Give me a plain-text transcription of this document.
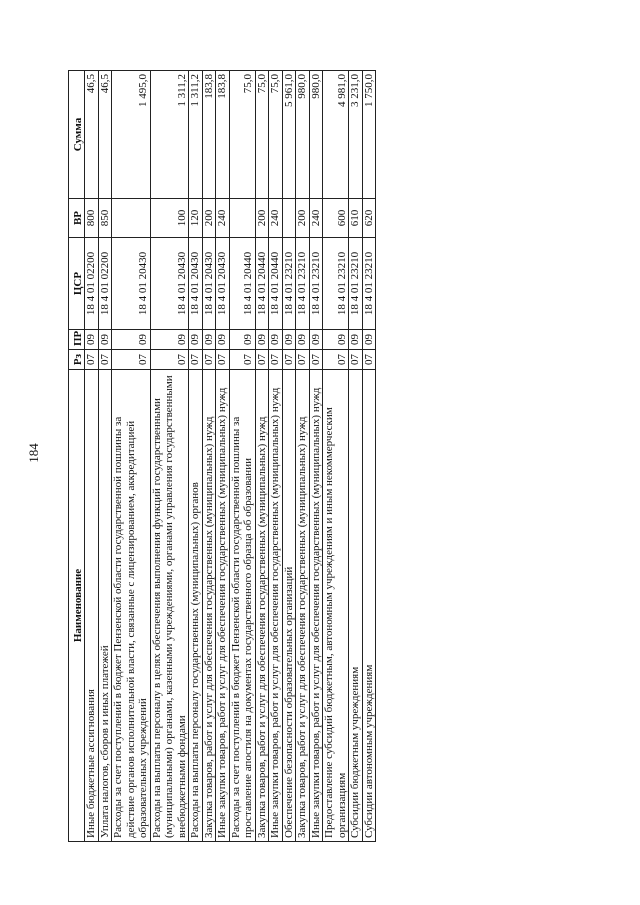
184
Наименование	Рз	ПР	ЦСР	ВР	Сумма
Иные бюджетные ассигнования	07	09	18 4 01 02200	800	46,5
Уплата налогов, сборов и иных платежей	07	09	18 4 01 02200	850	46,5
Расходы за счет поступлений в бюджет Пензенской области государственной пошлины за действие органов исполнительной власти, связанные с лицензированием, аккредитацией образовательных учреждений	07	09	18 4 01 20430		1 495,0
Расходы на выплаты персоналу в целях обеспечения выполнения функций государственными (муниципальными) органами, казенными учреждениями, органами управления государственными внебюджетными фондами	07	09	18 4 01 20430	100	1 311,2
Расходы на выплаты персоналу государственных (муниципальных) органов	07	09	18 4 01 20430	120	1 311,2
Закупка товаров, работ и услуг для обеспечения государственных (муниципальных) нужд	07	09	18 4 01 20430	200	183,8
Иные закупки товаров, работ и услуг для обеспечения государственных (муниципальных) нужд	07	09	18 4 01 20430	240	183,8
Расходы за счет поступлений в бюджет Пензенской области государственной пошлины за проставление апостиля на документах государственного образца об образовании	07	09	18 4 01 20440		75,0
Закупка товаров, работ и услуг для обеспечения государственных (муниципальных) нужд	07	09	18 4 01 20440	200	75,0
Иные закупки товаров, работ и услуг для обеспечения государственных (муниципальных) нужд	07	09	18 4 01 20440	240	75,0
Обеспечение безопасности образовательных организаций	07	09	18 4 01 23210		5 961,0
Закупка товаров, работ и услуг для обеспечения государственных (муниципальных) нужд	07	09	18 4 01 23210	200	980,0
Иные закупки товаров, работ и услуг для обеспечения государственных (муниципальных) нужд	07	09	18 4 01 23210	240	980,0
Предоставление субсидий бюджетным, автономным учреждениям и иным некоммерческим организациям	07	09	18 4 01 23210	600	4 981,0
Субсидии бюджетным учреждениям	07	09	18 4 01 23210	610	3 231,0
Субсидии автономным учреждениям	07	09	18 4 01 23210	620	1 750,0
